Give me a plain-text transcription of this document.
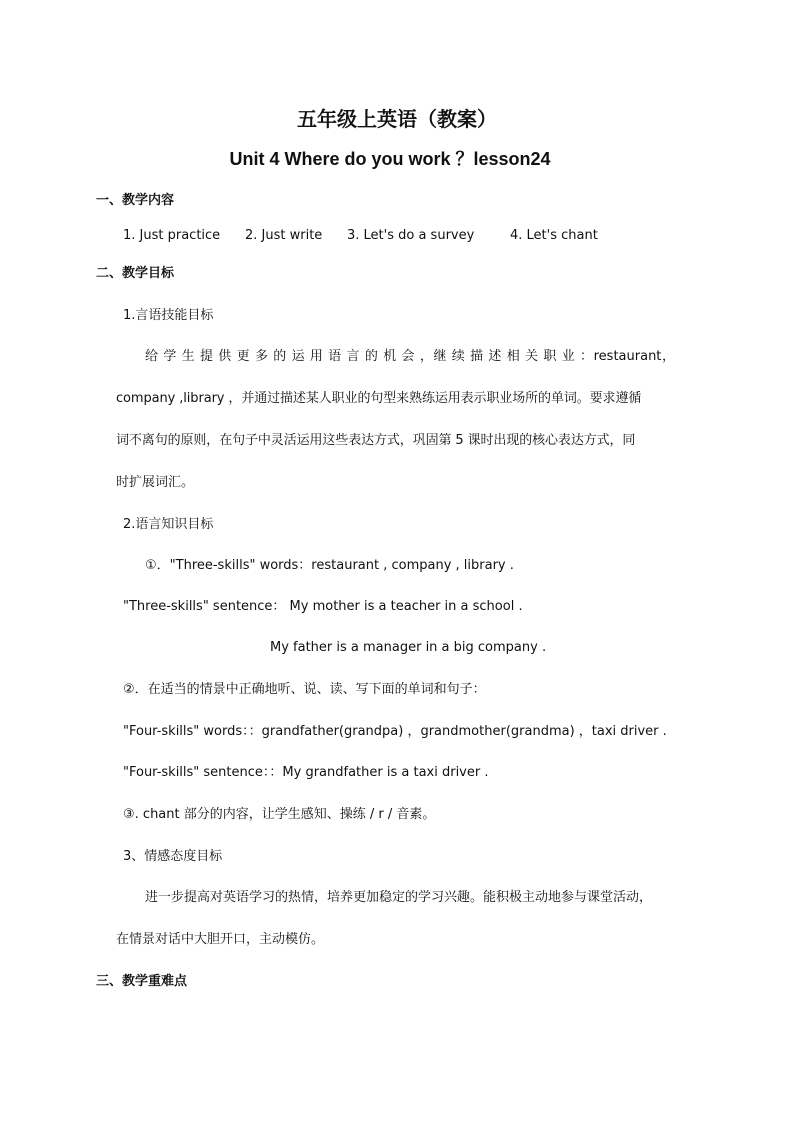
五年级上英语（教案）
Unit 4 Where do you work ？lesson24
一、教学内容
1. Just practice 2. Just write 3. Let's do a survey	4. Let's chant
二、教学目标
1.言语技能目标
给 学 生 提 供 更 多 的 运 用 语 言 的 机 会 ，继 续 描 述 相 关 职 业 ：restaurant，
company ,library ，并通过描述某人职业的句型来熟练运用表示职业场所的单词。要求遵循
词不离句的原则，在句子中灵活运用这些表达方式，巩固第 5 课时出现的核心表达方式，同
时扩展词汇。
2.语言知识目标
①．"Three-skills" words：restaurant , company , library .
"Three-skills" sentence： My mother is a teacher in a school .
My father is a manager in a big company .
②．在适当的情景中正确地听、说、读、写下面的单词和句子：
"Four-skills" words：：grandfather(grandpa) ，grandmother(grandma) ，taxi driver .
"Four-skills" sentence：：My grandfather is a taxi driver .
③. chant 部分的内容，让学生感知、操练 / r / 音素。
3、情感态度目标
进一步提高对英语学习的热情，培养更加稳定的学习兴趣。能积极主动地参与课堂活动，
在情景对话中大胆开口，主动模仿。
三、教学重难点
